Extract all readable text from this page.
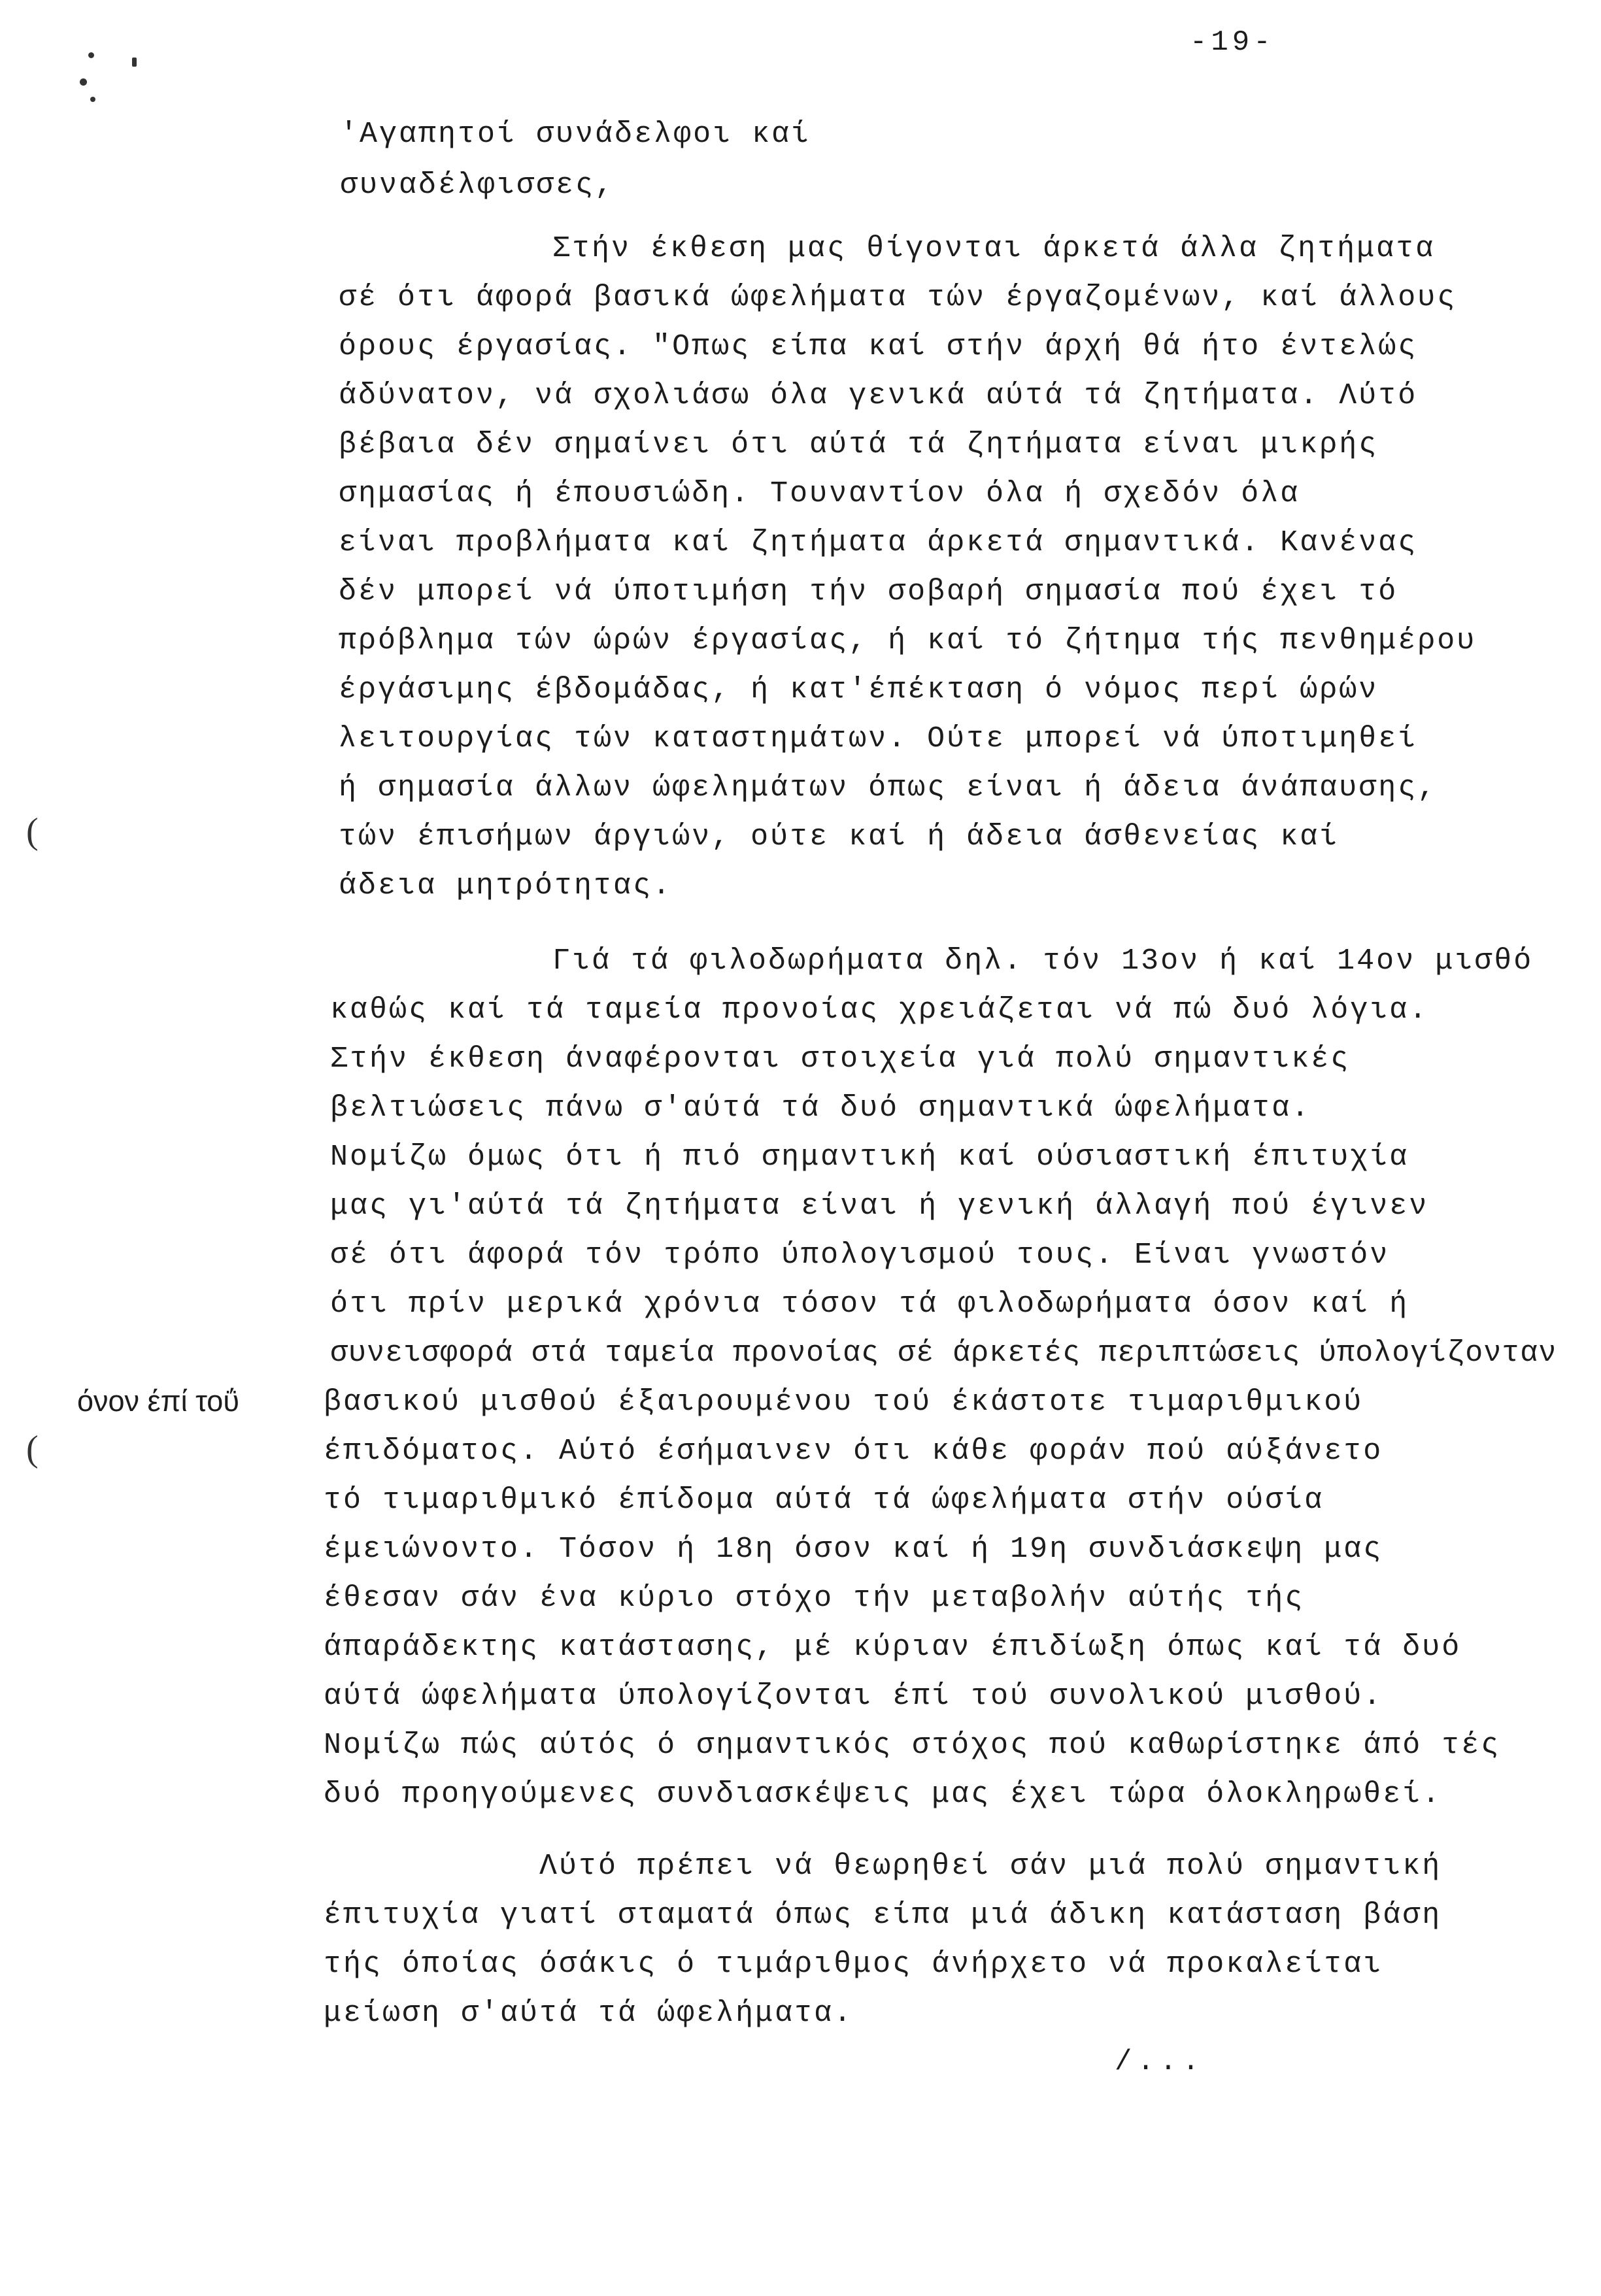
-19-
'Αγαπητοί συνάδελφοι καί
συναδέλφισσες,
Στήν έκθεση μας θίγονται άρκετά άλλα ζητήματα
σέ ότι άφορά βασικά ώφελήματα τών έργαζομένων, καί άλλους
όρους έργασίας. "Οπως είπα καί στήν άρχή θά ήτο έντελώς
άδύνατον, νά σχολιάσω όλα γενικά αύτά τά ζητήματα. Λύτό
βέβαια δέν σημαίνει ότι αύτά τά ζητήματα είναι μικρής
σημασίας ή έπουσιώδη. Τουναντίον όλα ή σχεδόν όλα
είναι προβλήματα καί ζητήματα άρκετά σημαντικά. Κανένας
δέν μπορεί νά ύποτιμήση τήν σοβαρή σημασία πού έχει τό
πρόβλημα τών ώρών έργασίας, ή καί τό ζήτημα τής πενθημέρου
έργάσιμης έβδομάδας, ή κατ'έπέκταση ό νόμος περί ώρών
λειτουργίας τών καταστημάτων. Ούτε μπορεί νά ύποτιμηθεί
ή σημασία άλλων ώφελημάτων όπως είναι ή άδεια άνάπαυσης,
τών έπισήμων άργιών, ούτε καί ή άδεια άσθενείας καί
άδεια μητρότητας.
Γιά τά φιλοδωρήματα δηλ. τόν 13ον ή καί 14ον μισθό
καθώς καί τά ταμεία προνοίας χρειάζεται νά πώ δυό λόγια.
Στήν έκθεση άναφέρονται στοιχεία γιά πολύ σημαντικές
βελτιώσεις πάνω σ'αύτά τά δυό σημαντικά ώφελήματα.
Νομίζω όμως ότι ή πιό σημαντική καί ούσιαστική έπιτυχία
μας γι'αύτά τά ζητήματα είναι ή γενική άλλαγή πού έγινεν
σέ ότι άφορά τόν τρόπο ύπολογισμού τους. Είναι γνωστόν
ότι πρίν μερικά χρόνια τόσον τά φιλοδωρήματα όσον καί ή
συνεισφορά στά ταμεία προνοίας σέ άρκετές περιπτώσεις ύπολογίζονταν
όνον έπί τοΰ	βασικού μισθού έξαιρουμένου τού έκάστοτε τιμαριθμικού
έπιδόματος. Αύτό έσήμαινεν ότι κάθε φοράν πού αύξάνετο
τό τιμαριθμικό έπίδομα αύτά τά ώφελήματα στήν ούσία
έμειώνοντο. Τόσον ή 18η όσον καί ή 19η συνδιάσκεψη μας
έθεσαν σάν ένα κύριο στόχο τήν μεταβολήν αύτής τής
άπαράδεκτης κατάστασης, μέ κύριαν έπιδίωξη όπως καί τά δυό
αύτά ώφελήματα ύπολογίζονται έπί τού συνολικού μισθού.
Νομίζω πώς αύτός ό σημαντικός στόχος πού καθωρίστηκε άπό τές
δυό προηγούμενες συνδιασκέψεις μας έχει τώρα όλοκληρωθεί.
Λύτό πρέπει νά θεωρηθεί σάν μιά πολύ σημαντική
έπιτυχία γιατί σταματά όπως είπα μιά άδικη κατάσταση βάση
τής όποίας όσάκις ό τιμάριθμος άνήρχετο νά προκαλείται
μείωση σ'αύτά τά ώφελήματα.
/...
(
(
